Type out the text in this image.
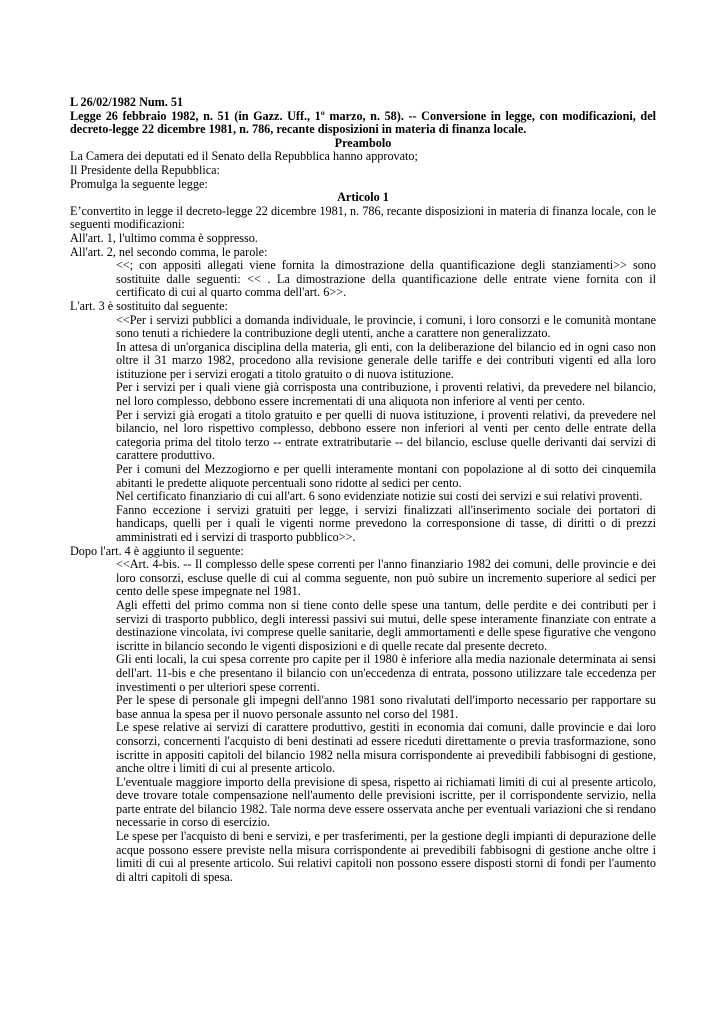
L 26/02/1982 Num. 51

Legge 26 febbraio 1982, n. 51 (in Gazz. Uff., 1º marzo, n. 58). -- Conversione in legge, con modificazioni, del decreto-legge 22 dicembre 1981, n. 786, recante disposizioni in materia di finanza locale.

Preambolo

La Camera dei deputati ed il Senato della Repubblica hanno approvato;

Il Presidente della Repubblica:

Promulga la seguente legge:

Articolo 1

E’convertito in legge il decreto-legge 22 dicembre 1981, n. 786, recante disposizioni in materia di finanza locale, con le seguenti modificazioni:

All'art. 1, l'ultimo comma è soppresso.

All'art. 2, nel secondo comma, le parole:

<<; con appositi allegati viene fornita la dimostrazione della quantificazione degli stanziamenti>> sono sostituite dalle seguenti: << . La dimostrazione della quantificazione delle entrate viene fornita con il certificato di cui al quarto comma dell'art. 6>>.

L'art. 3 è sostituito dal seguente:

<<Per i servizi pubblici a domanda individuale, le provincie, i comuni, i loro consorzi e le comunità montane sono tenuti a richiedere la contribuzione degli utenti, anche a carattere non generalizzato.

In attesa di un'organica disciplina della materia, gli enti, con la deliberazione del bilancio ed in ogni caso non oltre il 31 marzo 1982, procedono alla revisione generale delle tariffe e dei contributi vigenti ed alla loro istituzione per i servizi erogati a titolo gratuito o di nuova istituzione.

Per i servizi per i quali viene già corrisposta una contribuzione, i proventi relativi, da prevedere nel bilancio, nel loro complesso, debbono essere incrementati di una aliquota non inferiore al venti per cento.

Per i servizi già erogati a titolo gratuito e per quelli di nuova istituzione, i proventi relativi, da prevedere nel bilancio, nel loro rispettivo complesso, debbono essere non inferiori al venti per cento delle entrate della categoria prima del titolo terzo -- entrate extratributarie -- del bilancio, escluse quelle derivanti dai servizi di carattere produttivo.

Per i comuni del Mezzogiorno e per quelli interamente montani con popolazione al di sotto dei cinquemila abitanti le predette aliquote percentuali sono ridotte al sedici per cento.

Nel certificato finanziario di cui all'art. 6 sono evidenziate notizie sui costi dei servizi e sui relativi proventi.

Fanno eccezione i servizi gratuiti per legge, i servizi finalizzati all'inserimento sociale dei portatori di handicaps, quelli per i quali le vigenti norme prevedono la corresponsione di tasse, di diritti o di prezzi amministrati ed i servizi di trasporto pubblico>>.

Dopo l'art. 4 è aggiunto il seguente:

<<Art. 4-bis. -- Il complesso delle spese correnti per l'anno finanziario 1982 dei comuni, delle provincie e dei loro consorzi, escluse quelle di cui al comma seguente, non può subire un incremento superiore al sedici per cento delle spese impegnate nel 1981.

Agli effetti del primo comma non si tiene conto delle spese una tantum, delle perdite e dei contributi per i servizi di trasporto pubblico, degli interessi passivi sui mutui, delle spese interamente finanziate con entrate a destinazione vincolata, ivi comprese quelle sanitarie, degli ammortamenti e delle spese figurative che vengono iscritte in bilancio secondo le vigenti disposizioni e di quelle recate dal presente decreto.

Gli enti locali, la cui spesa corrente pro capite per il 1980 è inferiore alla media nazionale determinata ai sensi dell'art. 11-bis e che presentano il bilancio con un'eccedenza di entrata, possono utilizzare tale eccedenza per investimenti o per ulteriori spese correnti.

Per le spese di personale gli impegni dell'anno 1981 sono rivalutati dell'importo necessario per rapportare su base annua la spesa per il nuovo personale assunto nel corso del 1981.

Le spese relative ai servizi di carattere produttivo, gestiti in economia dai comuni, dalle provincie e dai loro consorzi, concernenti l'acquisto di beni destinati ad essere riceduti direttamente o previa trasformazione, sono iscritte in appositi capitoli del bilancio 1982 nella misura corrispondente ai prevedibili fabbisogni di gestione, anche oltre i limiti di cui al presente articolo.

L'eventuale maggiore importo della previsione di spesa, rispetto ai richiamati limiti di cui al presente articolo, deve trovare totale compensazione nell'aumento delle previsioni iscritte, per il corrispondente servizio, nella parte entrate del bilancio 1982. Tale norma deve essere osservata anche per eventuali variazioni che si rendano necessarie in corso di esercizio.

Le spese per l'acquisto di beni e servizi, e per trasferimenti, per la gestione degli impianti di depurazione delle acque possono essere previste nella misura corrispondente ai prevedibili fabbisogni di gestione anche oltre i limiti di cui al presente articolo. Sui relativi capitoli non possono essere disposti storni di fondi per l'aumento di altri capitoli di spesa.
